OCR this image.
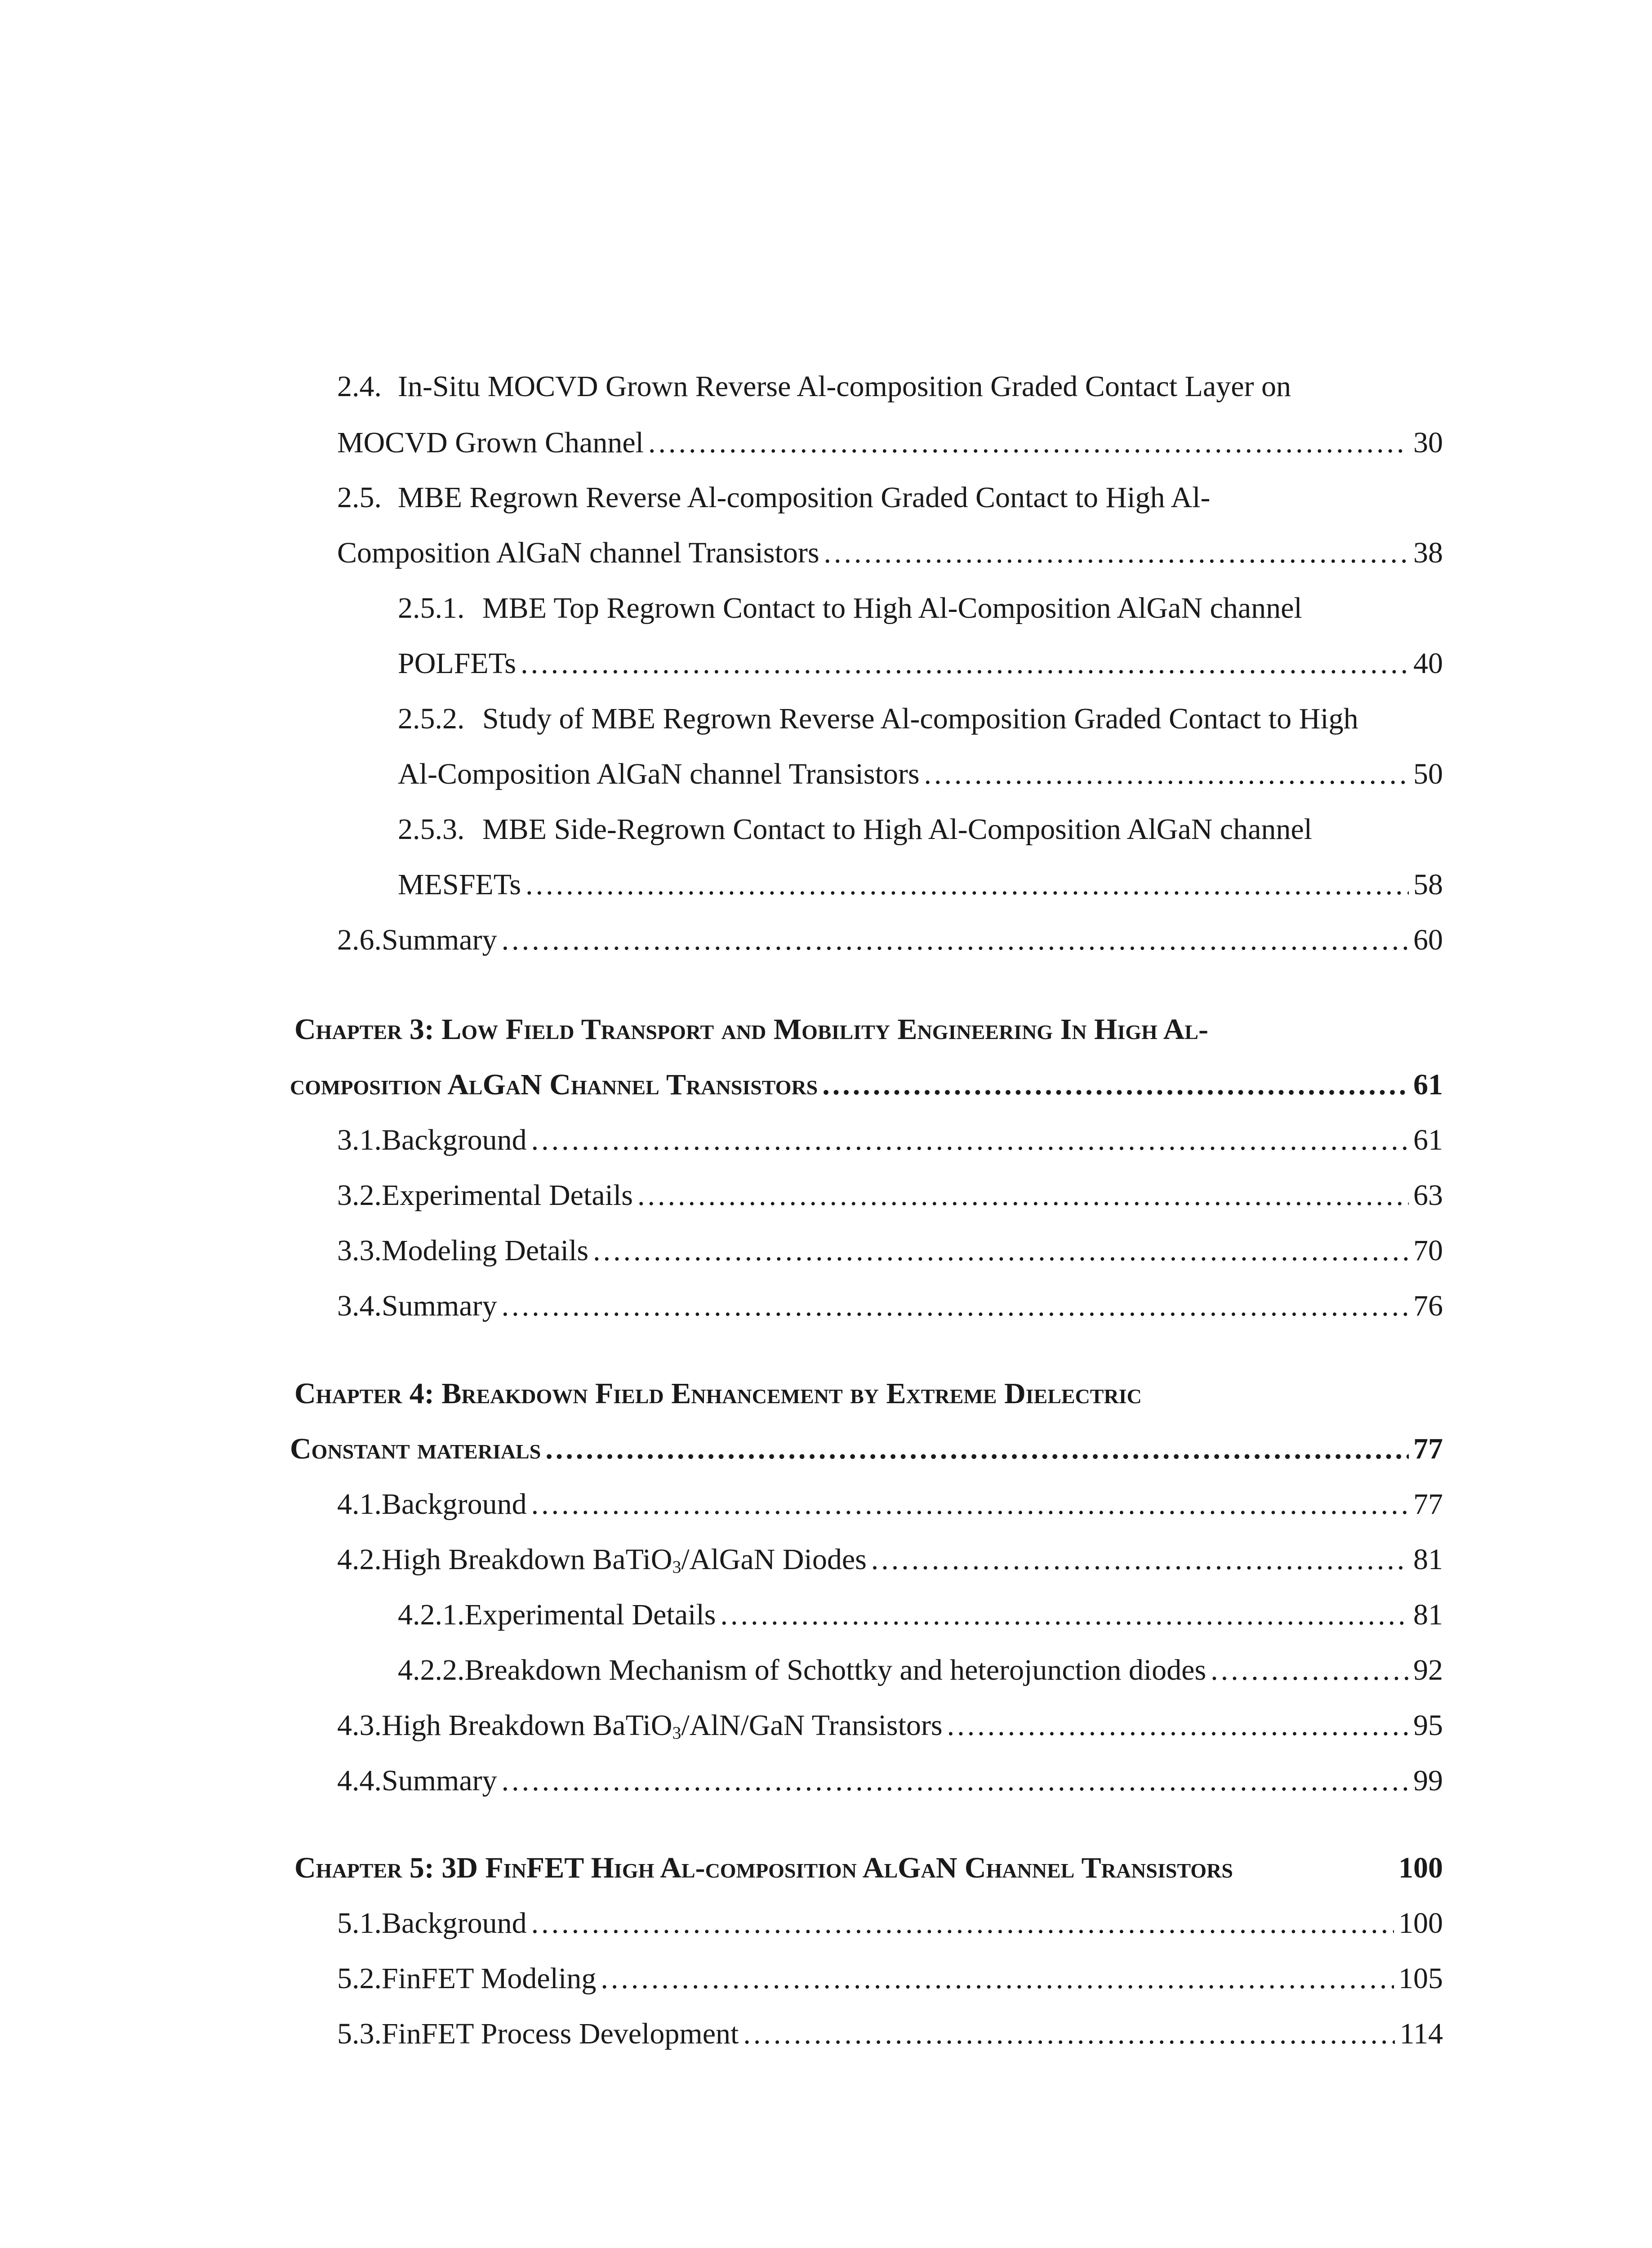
2.4. In-Situ MOCVD Grown Reverse Al-composition Graded Contact Layer on
MOCVD Grown Channel .....	30
2.5. MBE Regrown Reverse Al-composition Graded Contact to High Al-
Composition AlGaN channel Transistors .....	38
2.5.1. MBE Top Regrown Contact to High Al-Composition AlGaN channel
POLFETs .....	40
2.5.2. Study of MBE Regrown Reverse Al-composition Graded Contact to High
Al-Composition AlGaN channel Transistors .....	50
2.5.3. MBE Side-Regrown Contact to High Al-Composition AlGaN channel
MESFETs .....	58
2.6. Summary .....	60
Chapter 3: Low Field Transport and Mobility Engineering In High Al-
composition AlGaN Channel Transistors .....	61
3.1. Background .....	61
3.2. Experimental Details .....	63
3.3. Modeling Details .....	70
3.4. Summary .....	76
Chapter 4: Breakdown Field Enhancement by Extreme Dielectric
Constant materials .....	77
4.1. Background .....	77
4.2. High Breakdown BaTiO$_3$/AlGaN Diodes .....	81
4.2.1. Experimental Details .....	81
4.2.2. Breakdown Mechanism of Schottky and heterojunction diodes .....	92
4.3. High Breakdown BaTiO$_3$/AlN/GaN Transistors .....	95
4.4. Summary .....	99
Chapter 5: 3D FinFET High Al-composition AlGaN Channel Transistors	100
5.1. Background .....	100
5.2. FinFET Modeling .....	105
5.3. FinFET Process Development .....	114
